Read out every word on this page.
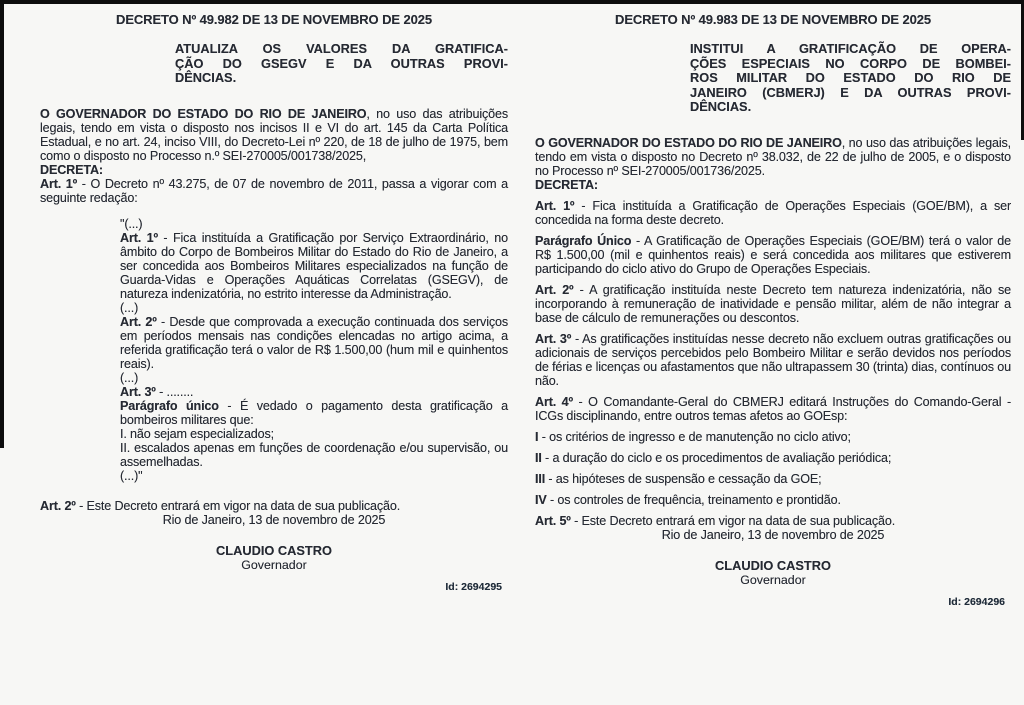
DECRETO Nº 49.982 DE 13 DE NOVEMBRO DE 2025
ATUALIZA OS VALORES DA GRATIFICA-
ÇÃO DO GSEGV E DA OUTRAS PROVI-
DÊNCIAS.

O GOVERNADOR DO ESTADO DO RIO DE JANEIRO, no uso das atribuições legais, tendo em vista o disposto nos incisos II e VI do art. 145 da Carta Política Estadual, e no art. 24, inciso VIII, do Decreto-Lei nº 220, de 18 de julho de 1975, bem como o disposto no Processo n.º SEI-270005/001738/2025,

DECRETA:

Art. 1º - O Decreto nº 43.275, de 07 de novembro de 2011, passa a vigorar com a seguinte redação:

"(...)

Art. 1º - Fica instituída a Gratificação por Serviço Extraordinário, no âmbito do Corpo de Bombeiros Militar do Estado do Rio de Janeiro, a ser concedida aos Bombeiros Militares especializados na função de Guarda-Vidas e Operações Aquáticas Correlatas (GSEGV), de natureza indenizatória, no estrito interesse da Administração.

(...)

Art. 2º - Desde que comprovada a execução continuada dos serviços em períodos mensais nas condições elencadas no artigo acima, a referida gratificação terá o valor de R$ 1.500,00 (hum mil e quinhentos reais).

(...)

Art. 3º - ........

Parágrafo único - É vedado o pagamento desta gratificação a bombeiros militares que:

I. não sejam especializados;

II. escalados apenas em funções de coordenação e/ou supervisão, ou assemelhadas.

(...)"

Art. 2º - Este Decreto entrará em vigor na data de sua publicação.

Rio de Janeiro, 13 de novembro de 2025

CLAUDIO CASTRO
Governador
Id: 2694295
DECRETO Nº 49.983 DE 13 DE NOVEMBRO DE 2025
INSTITUI A GRATIFICAÇÃO DE OPERA-
ÇÕES ESPECIAIS NO CORPO DE BOMBEI-
ROS MILITAR DO ESTADO DO RIO DE
JANEIRO (CBMERJ) E DA OUTRAS PROVI-
DÊNCIAS.

O GOVERNADOR DO ESTADO DO RIO DE JANEIRO, no uso das atribuições legais, tendo em vista o disposto no Decreto nº 38.032, de 22 de julho de 2005, e o disposto no Processo nº SEI-270005/001736/2025.

DECRETA:

Art. 1º - Fica instituída a Gratificação de Operações Especiais (GOE/BM), a ser concedida na forma deste decreto.

Parágrafo Único - A Gratificação de Operações Especiais (GOE/BM) terá o valor de R$ 1.500,00 (mil e quinhentos reais) e será concedida aos militares que estiverem participando do ciclo ativo do Grupo de Operações Especiais.

Art. 2º - A gratificação instituída neste Decreto tem natureza indenizatória, não se incorporando à remuneração de inatividade e pensão militar, além de não integrar a base de cálculo de remunerações ou descontos.

Art. 3º - As gratificações instituídas nesse decreto não excluem outras gratificações ou adicionais de serviços percebidos pelo Bombeiro Militar e serão devidos nos períodos de férias e licenças ou afastamentos que não ultrapassem 30 (trinta) dias, contínuos ou não.

Art. 4º - O Comandante-Geral do CBMERJ editará Instruções do Comando-Geral - ICGs disciplinando, entre outros temas afetos ao GOEsp:

I - os critérios de ingresso e de manutenção no ciclo ativo;

II - a duração do ciclo e os procedimentos de avaliação periódica;

III - as hipóteses de suspensão e cessação da GOE;

IV - os controles de frequência, treinamento e prontidão.

Art. 5º - Este Decreto entrará em vigor na data de sua publicação.

Rio de Janeiro, 13 de novembro de 2025

CLAUDIO CASTRO
Governador
Id: 2694296
